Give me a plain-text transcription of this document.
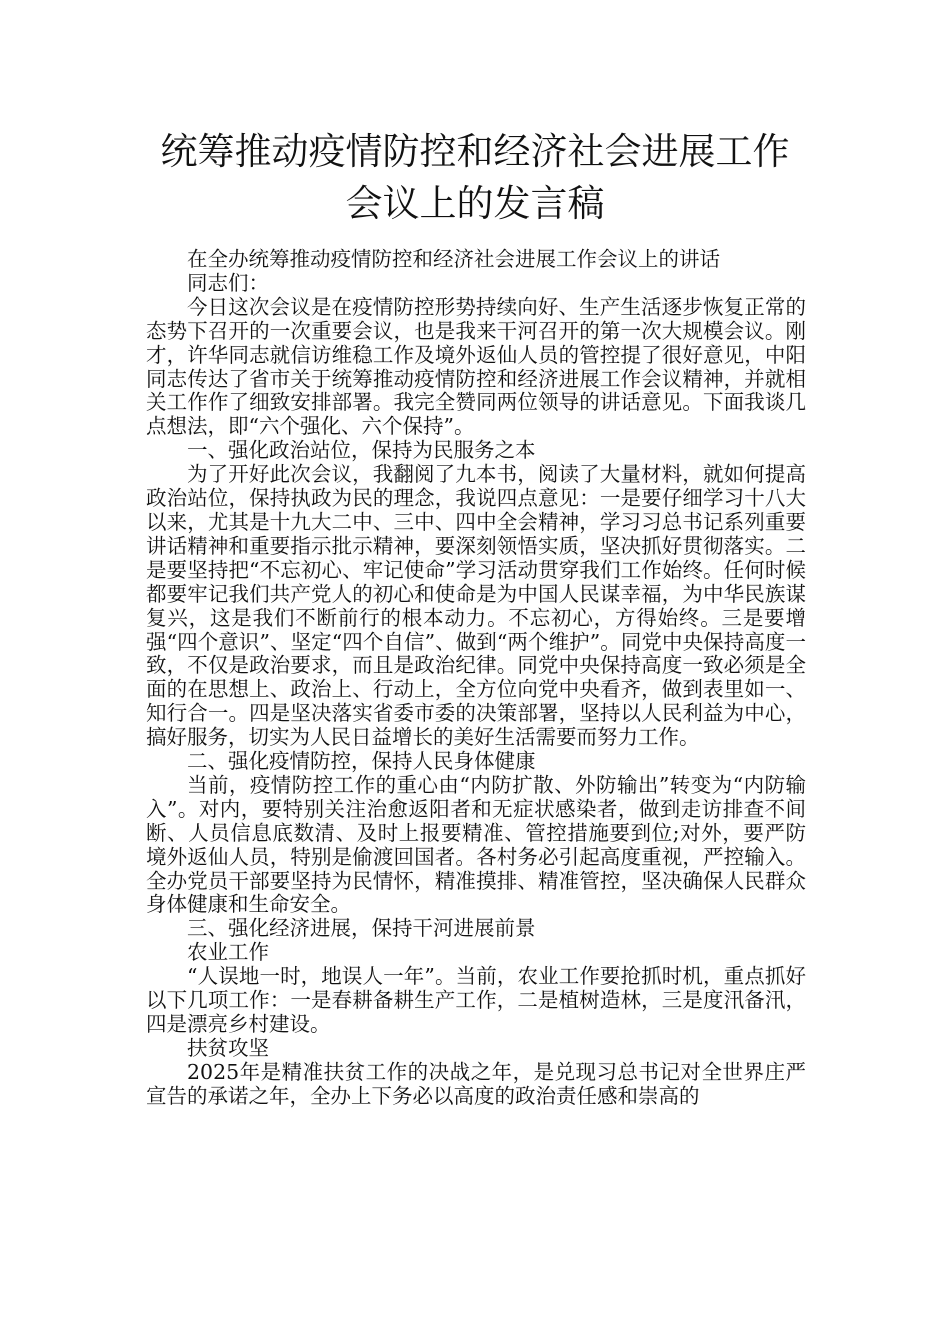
统筹推动疫情防控和经济社会进展工作
会议上的发言稿

在全办统筹推动疫情防控和经济社会进展工作会议上的讲话

同志们：

今日这次会议是在疫情防控形势持续向好、生产生活逐步恢复正常的态势下召开的一次重要会议，也是我来干河召开的第一次大规模会议。刚才，许华同志就信访维稳工作及境外返仙人员的管控提了很好意见，中阳同志传达了省市关于统筹推动疫情防控和经济进展工作会议精神，并就相关工作作了细致安排部署。我完全赞同两位领导的讲话意见。下面我谈几点想法，即“六个强化、六个保持”。

一、强化政治站位，保持为民服务之本

为了开好此次会议，我翻阅了九本书，阅读了大量材料，就如何提高政治站位，保持执政为民的理念，我说四点意见：一是要仔细学习十八大以来，尤其是十九大二中、三中、四中全会精神，学习习总书记系列重要讲话精神和重要指示批示精神，要深刻领悟实质，坚决抓好贯彻落实。二是要坚持把“不忘初心、牢记使命”学习活动贯穿我们工作始终。任何时候都要牢记我们共产党人的初心和使命是为中国人民谋幸福，为中华民族谋复兴，这是我们不断前行的根本动力。不忘初心，方得始终。三是要增强“四个意识”、坚定“四个自信”、做到“两个维护”。同党中央保持高度一致，不仅是政治要求，而且是政治纪律。同党中央保持高度一致必须是全面的在思想上、政治上、行动上，全方位向党中央看齐，做到表里如一、知行合一。四是坚决落实省委市委的决策部署，坚持以人民利益为中心，搞好服务，切实为人民日益增长的美好生活需要而努力工作。

二、强化疫情防控，保持人民身体健康

当前，疫情防控工作的重心由“内防扩散、外防输出”转变为“内防输入”。对内，要特别关注治愈返阳者和无症状感染者，做到走访排查不间断、人员信息底数清、及时上报要精准、管控措施要到位;对外，要严防境外返仙人员，特别是偷渡回国者。各村务必引起高度重视，严控输入。全办党员干部要坚持为民情怀，精准摸排、精准管控，坚决确保人民群众身体健康和生命安全。

三、强化经济进展，保持干河进展前景

农业工作

“人误地一时，地误人一年”。当前，农业工作要抢抓时机，重点抓好以下几项工作：一是春耕备耕生产工作，二是植树造林，三是度汛备汛，四是漂亮乡村建设。

扶贫攻坚

2025年是精准扶贫工作的决战之年，是兑现习总书记对全世界庄严宣告的承诺之年，全办上下务必以高度的政治责任感和崇高的
